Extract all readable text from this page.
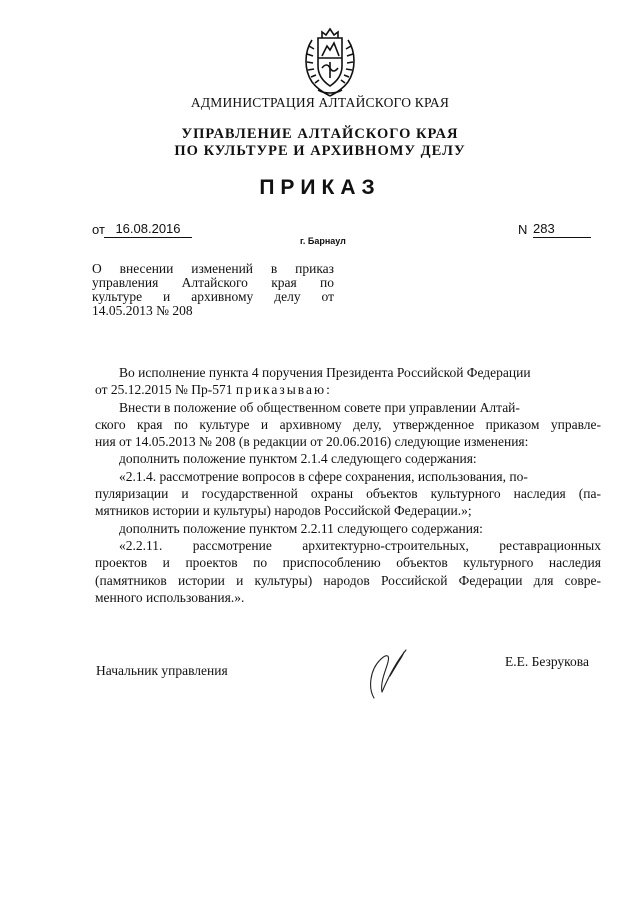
АДМИНИСТРАЦИЯ АЛТАЙСКОГО КРАЯ
УПРАВЛЕНИЕ АЛТАЙСКОГО КРАЯ
ПО КУЛЬТУРЕ И АРХИВНОМУ ДЕЛУ
ПРИКАЗ
от 16.08.2016
г. Барнаул
N 283
О внесении изменений в приказ
управления Алтайского края по
культуре и архивному делу от
14.05.2013 № 208
Во исполнение пункта 4 поручения Президента Российской Федерации
от 25.12.2015 № Пр-571 приказываю:
Внести в положение об общественном совете при управлении Алтай-
ского края по культуре и архивному делу, утвержденное приказом управле-
ния от 14.05.2013 № 208 (в редакции от 20.06.2016) следующие изменения:
дополнить положение пунктом 2.1.4 следующего содержания:
«2.1.4. рассмотрение вопросов в сфере сохранения, использования, по-
пуляризации и государственной охраны объектов культурного наследия (па-
мятников истории и культуры) народов Российской Федерации.»;
дополнить положение пунктом 2.2.11 следующего содержания:
«2.2.11. рассмотрение архитектурно-строительных, реставрационных
проектов и проектов по приспособлению объектов культурного наследия
(памятников истории и культуры) народов Российской Федерации для совре-
менного использования.».
Начальник управления
Е.Е. Безрукова
